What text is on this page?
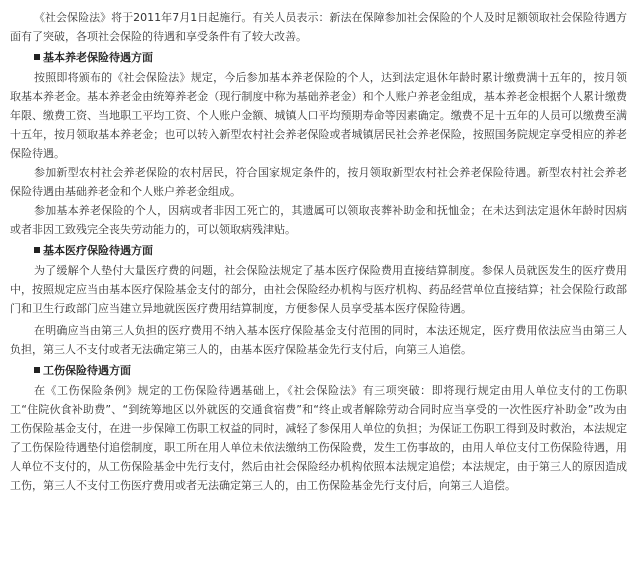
《社会保险法》将于2011年7月1日起施行。有关人员表示：新法在保障参加社会保险的个人及时足额领取社会保险待遇方面有了突破，各项社会保险的待遇和享受条件有了较大改善。

基本养老保险待遇方面

按照即将颁布的《社会保险法》规定，今后参加基本养老保险的个人，达到法定退休年龄时累计缴费满十五年的，按月领取基本养老金。基本养老金由统筹养老金（现行制度中称为基础养老金）和个人账户养老金组成，基本养老金根据个人累计缴费年限、缴费工资、当地职工平均工资、个人账户金额、城镇人口平均预期寿命等因素确定。缴费不足十五年的人员可以缴费至满十五年，按月领取基本养老金；也可以转入新型农村社会养老保险或者城镇居民社会养老保险，按照国务院规定享受相应的养老保险待遇。

参加新型农村社会养老保险的农村居民，符合国家规定条件的，按月领取新型农村社会养老保险待遇。新型农村社会养老保险待遇由基础养老金和个人账户养老金组成。

参加基本养老保险的个人，因病或者非因工死亡的，其遗属可以领取丧葬补助金和抚恤金；在未达到法定退休年龄时因病或者非因工致残完全丧失劳动能力的，可以领取病残津贴。

基本医疗保险待遇方面

为了缓解个人垫付大量医疗费的问题，社会保险法规定了基本医疗保险费用直接结算制度。参保人员就医发生的医疗费用中，按照规定应当由基本医疗保险基金支付的部分，由社会保险经办机构与医疗机构、药品经营单位直接结算；社会保险行政部门和卫生行政部门应当建立异地就医医疗费用结算制度，方便参保人员享受基本医疗保险待遇。

在明确应当由第三人负担的医疗费用不纳入基本医疗保险基金支付范围的同时，本法还规定，医疗费用依法应当由第三人负担，第三人不支付或者无法确定第三人的，由基本医疗保险基金先行支付后，向第三人追偿。

工伤保险待遇方面

在《工伤保险条例》规定的工伤保险待遇基础上，《社会保险法》有三项突破：即将现行规定由用人单位支付的工伤职工“住院伙食补助费”、“到统筹地区以外就医的交通食宿费”和“终止或者解除劳动合同时应当享受的一次性医疗补助金”改为由工伤保险基金支付，在进一步保障工伤职工权益的同时，减轻了参保用人单位的负担；为保证工伤职工得到及时救治，本法规定了工伤保险待遇垫付追偿制度，职工所在用人单位未依法缴纳工伤保险费，发生工伤事故的，由用人单位支付工伤保险待遇，用人单位不支付的，从工伤保险基金中先行支付，然后由社会保险经办机构依照本法规定追偿；本法规定，由于第三人的原因造成工伤，第三人不支付工伤医疗费用或者无法确定第三人的，由工伤保险基金先行支付后，向第三人追偿。
